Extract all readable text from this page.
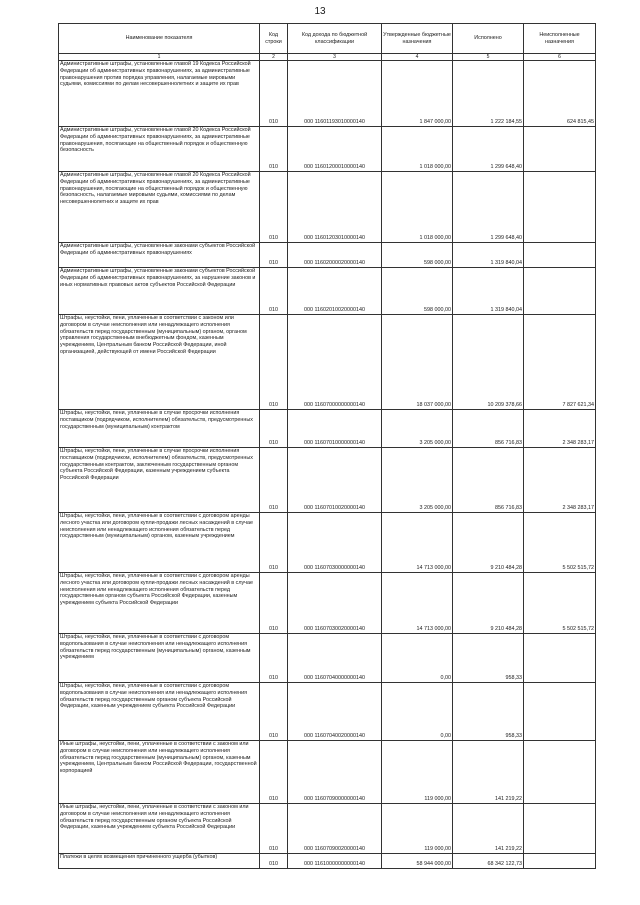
13
Наименование показателя	Код строки	Код дохода по бюджетной классификации	Утвержденные бюджетные назначения	Исполнено	Неисполненные назначения
1	2	3	4	5	6
Административные штрафы, установленные главой 19 Кодекса Российской Федерации об административных правонарушениях, за административные правонарушения против порядка управления, налагаемые мировыми судьями, комиссиями по делам несовершеннолетних и защите их прав	010	000 11601193010000140	1 847 000,00	1 222 184,55	624 815,45
Административные штрафы, установленные главой 20 Кодекса Российской Федерации об административных правонарушениях, за административные правонарушения, посягающие на общественный порядок и общественную безопасность	010	000 11601200010000140	1 018 000,00	1 299 648,40	
Административные штрафы, установленные главой 20 Кодекса Российской Федерации об административных правонарушениях, за административные правонарушения, посягающие на общественный порядок и общественную безопасность, налагаемые мировыми судьями, комиссиями по делам несовершеннолетних и защите их прав	010	000 11601203010000140	1 018 000,00	1 299 648,40	
Административные штрафы, установленные законами субъектов Российской Федерации об административных правонарушениях	010	000 11602000020000140	598 000,00	1 319 840,04	
Административные штрафы, установленные законами субъектов Российской Федерации об административных правонарушениях, за нарушение законов и иных нормативных правовых актов субъектов Российской Федерации	010	000 11602010020000140	598 000,00	1 319 840,04	
Штрафы, неустойки, пени, уплаченные в соответствии с законом или договором в случае неисполнения или ненадлежащего исполнения обязательств перед государственным (муниципальным) органом, органом управления государственным внебюджетным фондом, казенным учреждением, Центральным банком Российской Федерации, иной организацией, действующей от имени Российской Федерации	010	000 11607000000000140	18 037 000,00	10 209 378,66	7 827 621,34
Штрафы, неустойки, пени, уплаченные в случае просрочки исполнения поставщиком (подрядчиком, исполнителем) обязательств, предусмотренных государственным (муниципальным) контрактом	010	000 11607010000000140	3 205 000,00	856 716,83	2 348 283,17
Штрафы, неустойки, пени, уплаченные в случае просрочки исполнения поставщиком (подрядчиком, исполнителем) обязательств, предусмотренных государственным контрактом, заключенным государственным органом субъекта Российской Федерации, казенным учреждением субъекта Российской Федерации	010	000 11607010020000140	3 205 000,00	856 716,83	2 348 283,17
Штрафы, неустойки, пени, уплаченные в соответствии с договором аренды лесного участка или договором купли-продажи лесных насаждений в случае неисполнения или ненадлежащего исполнения обязательств перед государственным (муниципальным) органом, казенным учреждением	010	000 11607030000000140	14 713 000,00	9 210 484,28	5 502 515,72
Штрафы, неустойки, пени, уплаченные в соответствии с договором аренды лесного участка или договором купли-продажи лесных насаждений в случае неисполнения или ненадлежащего исполнения обязательств перед государственным органом субъекта Российской Федерации, казенным учреждением субъекта Российской Федерации	010	000 11607030020000140	14 713 000,00	9 210 484,28	5 502 515,72
Штрафы, неустойки, пени, уплаченные в соответствии с договором водопользования в случае неисполнения или ненадлежащего исполнения обязательств перед государственным (муниципальным) органом, казенным учреждением	010	000 11607040000000140	0,00	958,33	
Штрафы, неустойки, пени, уплаченные в соответствии с договором водопользования в случае неисполнения или ненадлежащего исполнения обязательств перед государственным органом субъекта Российской Федерации, казенным учреждением субъекта Российской Федерации	010	000 11607040020000140	0,00	958,33	
Иные штрафы, неустойки, пени, уплаченные в соответствии с законом или договором в случае неисполнения или ненадлежащего исполнения обязательств перед государственным (муниципальным) органом, казенным учреждением, Центральным банком Российской Федерации, государственной корпорацией	010	000 11607090000000140	119 000,00	141 219,22	
Иные штрафы, неустойки, пени, уплаченные в соответствии с законом или договором в случае неисполнения или ненадлежащего исполнения обязательств перед государственным органом субъекта Российской Федерации, казенным учреждением субъекта Российской Федерации	010	000 11607090020000140	119 000,00	141 219,22	
Платежи в целях возмещения причиненного ущерба (убытков)	010	000 11610000000000140	58 944 000,00	68 342 122,73	
